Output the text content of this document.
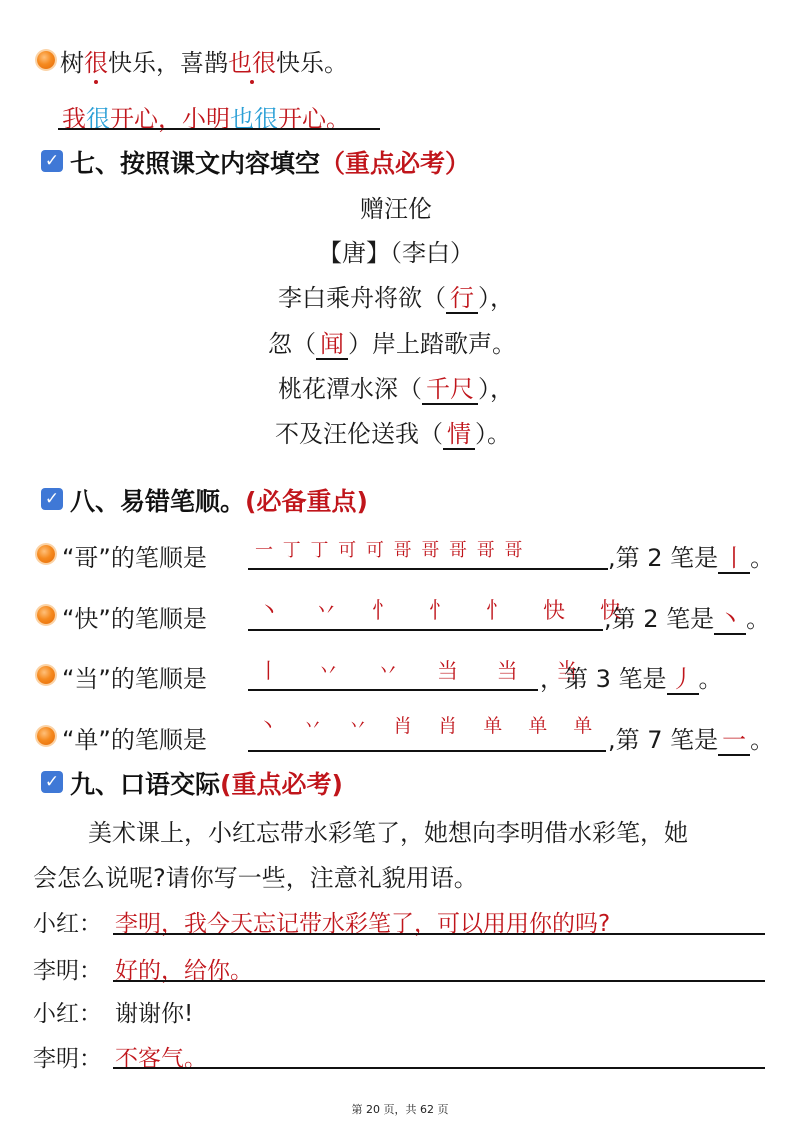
树很快乐，喜鹊也很快乐。
我很开心，小明也很开心。
✓ 七、按照课文内容填空（重点必考）
赠汪伦
【唐】（李白）
李白乘舟将欲（ 行 ），
忽（ 闻 ）岸上踏歌声。
桃花潭水深（ 千尺 ），
不及汪伦送我（ 情 ）。
✓ 八、易错笔顺。(必备重点)
“哥”的笔顺是	一 丁 丁 可 可 哥 哥 哥 哥 哥	,第 2 笔是 丨 。
“快”的笔顺是 丶 丷 忄 忄 忄 快 快
,第 2 笔是 丶 。
“当”的笔顺是 丨 丷 丷 当 当 当
，第 3 笔是 丿 。
“单”的笔顺是	丶 丷 丷 肖 肖 单 单 单 ,第 7 笔是 一 。
✓ 九、口语交际(重点必考)
美术课上，小红忘带水彩笔了，她想向李明借水彩笔，她
会怎么说呢?请你写一些，注意礼貌用语。
小红： 李明，我今天忘记带水彩笔了，可以用用你的吗?
李明： 好的，给你。
小红： 谢谢你!
李明： 不客气。
第 20 页，共 62 页
